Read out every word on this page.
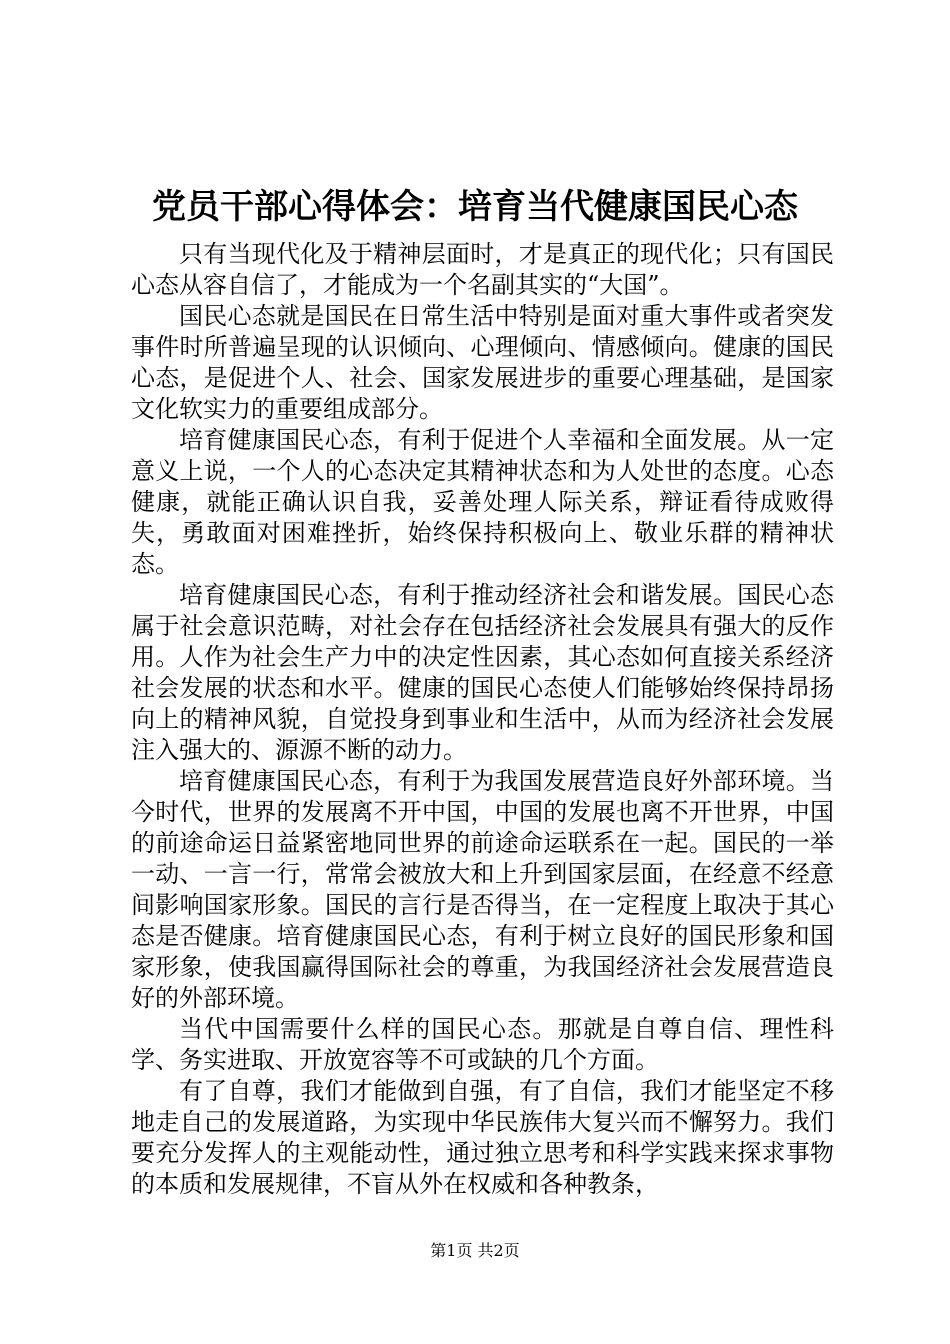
党员干部心得体会：培育当代健康国民心态

只有当现代化及于精神层面时，才是真正的现代化；只有国民心态从容自信了，才能成为一个名副其实的“大国”。

国民心态就是国民在日常生活中特别是面对重大事件或者突发事件时所普遍呈现的认识倾向、心理倾向、情感倾向。健康的国民心态，是促进个人、社会、国家发展进步的重要心理基础，是国家文化软实力的重要组成部分。

培育健康国民心态，有利于促进个人幸福和全面发展。从一定意义上说，一个人的心态决定其精神状态和为人处世的态度。心态健康，就能正确认识自我，妥善处理人际关系，辩证看待成败得失，勇敢面对困难挫折，始终保持积极向上、敬业乐群的精神状态。

培育健康国民心态，有利于推动经济社会和谐发展。国民心态属于社会意识范畴，对社会存在包括经济社会发展具有强大的反作用。人作为社会生产力中的决定性因素，其心态如何直接关系经济社会发展的状态和水平。健康的国民心态使人们能够始终保持昂扬向上的精神风貌，自觉投身到事业和生活中，从而为经济社会发展注入强大的、源源不断的动力。

培育健康国民心态，有利于为我国发展营造良好外部环境。当今时代，世界的发展离不开中国，中国的发展也离不开世界，中国的前途命运日益紧密地同世界的前途命运联系在一起。国民的一举一动、一言一行，常常会被放大和上升到国家层面，在经意不经意间影响国家形象。国民的言行是否得当，在一定程度上取决于其心态是否健康。培育健康国民心态，有利于树立良好的国民形象和国家形象，使我国赢得国际社会的尊重，为我国经济社会发展营造良好的外部环境。

当代中国需要什么样的国民心态。那就是自尊自信、理性科学、务实进取、开放宽容等不可或缺的几个方面。

有了自尊，我们才能做到自强，有了自信，我们才能坚定不移地走自己的发展道路，为实现中华民族伟大复兴而不懈努力。我们要充分发挥人的主观能动性，通过独立思考和科学实践来探求事物的本质和发展规律，不盲从外在权威和各种教条，

第1页 共2页
